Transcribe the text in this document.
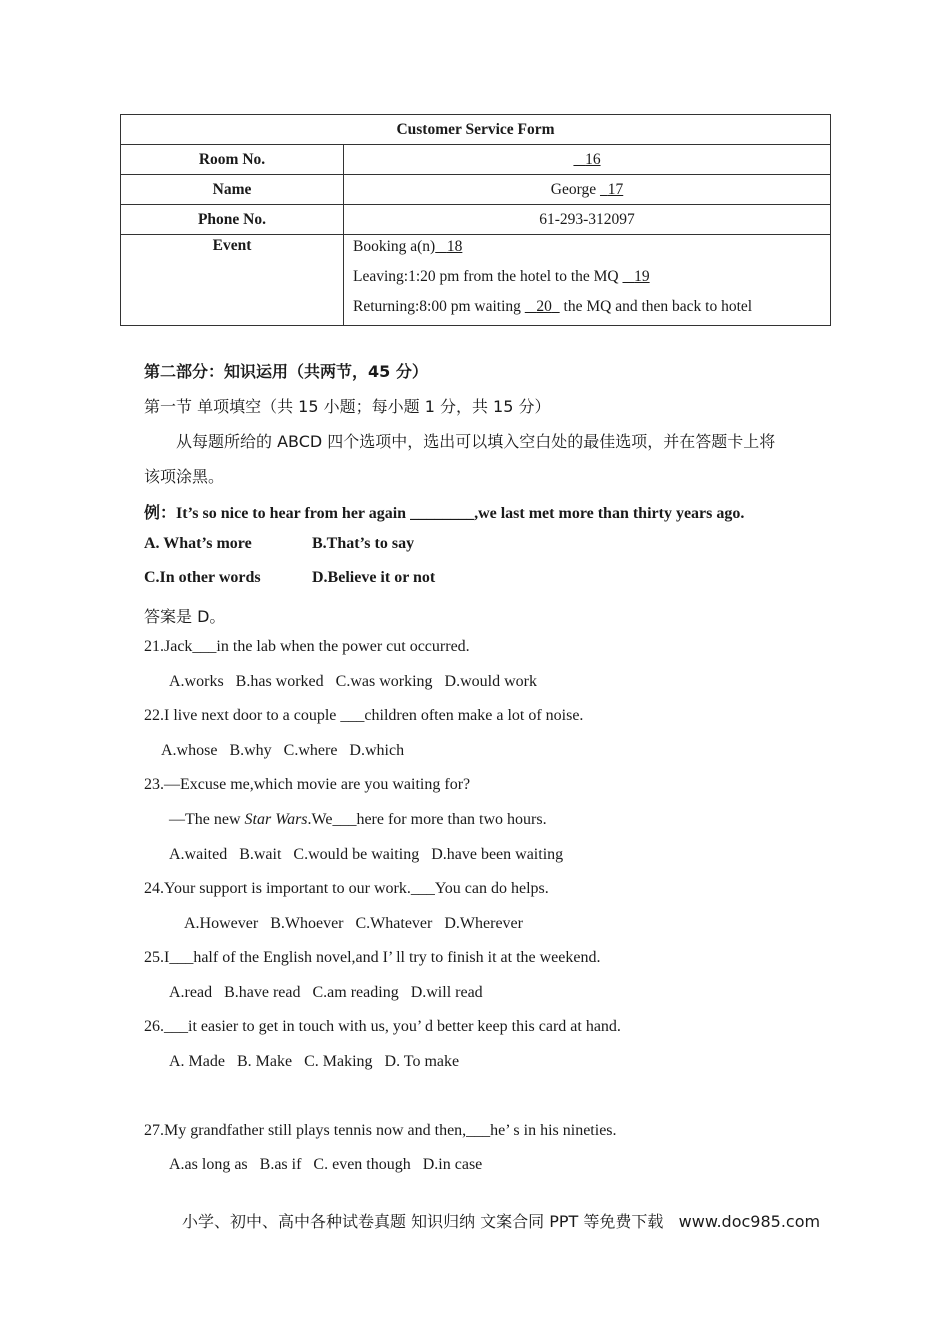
Customer Service Form	
Room No.	16
Name	George   17
Phone No.	61-293-312097
Event	Booking a(n) 18
Leaving:1:20 pm from the hotel to the MQ    19
Returning:8:00 pm waiting    20   the MQ and then back to hotel
第二部分：知识运用（共两节，45 分）
第一节 单项填空（共 15 小题；每小题 1 分，共 15 分）
从每题所给的 ABCD 四个选项中，选出可以填入空白处的最佳选项，并在答题卡上将
该项涂黑。
例：It’s so nice to hear from her again ________,we last met more than thirty years ago.
A. What’s more	B.That’s to say
C.In other words	D.Believe it or not
答案是 D。
21.Jack___in the lab when the power cut occurred.
A.works   B.has worked   C.was working   D.would work
22.I live next door to a couple ___children often make a lot of noise.
A.whose   B.why   C.where   D.which
23.—Excuse me,which movie are you waiting for?
—The new Star Wars.We___here for more than two hours.
A.waited   B.wait   C.would be waiting   D.have been waiting
24.Your support is important to our work.___You can do helps.
A.However   B.Whoever   C.Whatever   D.Wherever
25.I___half of the English novel,and I’ ll try to finish it at the weekend.
A.read   B.have read   C.am reading   D.will read
26.___it easier to get in touch with us, you’ d better keep this card at hand.
A. Made   B. Make   C. Making   D. To make
27.My grandfather still plays tennis now and then,___he’ s in his nineties.
A.as long as   B.as if   C. even though   D.in case

小学、初中、高中各种试卷真题 知识归纳 文案合同 PPT 等免费下载   www.doc985.com
